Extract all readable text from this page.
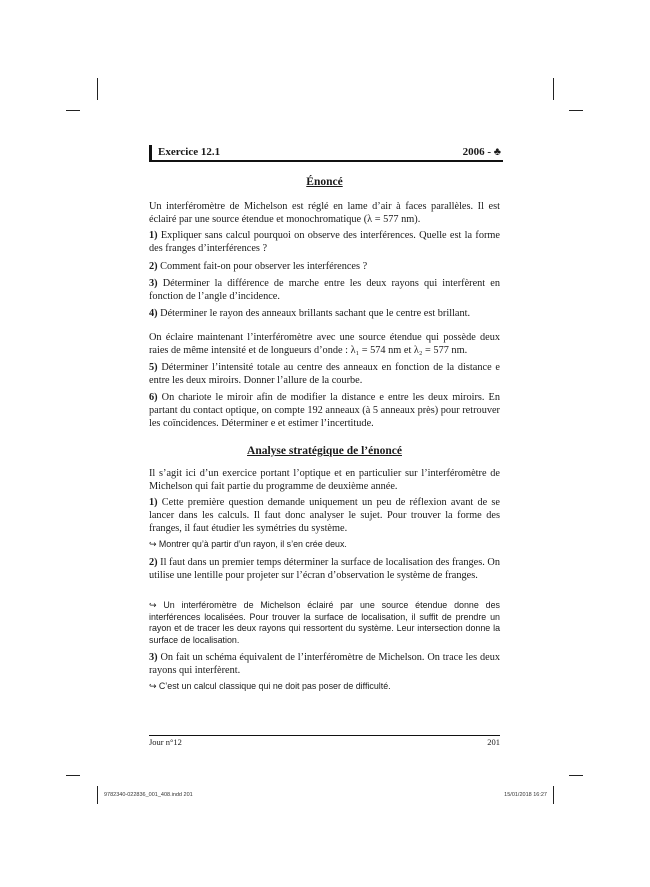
Exercice 12.1	2006 - ♣
Énoncé
Un interféromètre de Michelson est réglé en lame d’air à faces parallèles. Il est éclairé par une source étendue et monochromatique (λ = 577 nm).
1) Expliquer sans calcul pourquoi on observe des interférences. Quelle est la forme des franges d’interférences ?
2) Comment fait-on pour observer les interférences ?
3) Déterminer la différence de marche entre les deux rayons qui interfèrent en fonction de l’angle d’incidence.
4) Déterminer le rayon des anneaux brillants sachant que le centre est brillant.
On éclaire maintenant l’interféromètre avec une source étendue qui possède deux raies de même intensité et de longueurs d’onde : λ₁ = 574 nm et λ₂ = 577 nm.
5) Déterminer l’intensité totale au centre des anneaux en fonction de la distance e entre les deux miroirs. Donner l’allure de la courbe.
6) On chariote le miroir afin de modifier la distance e entre les deux miroirs. En partant du contact optique, on compte 192 anneaux (à 5 anneaux près) pour retrouver les coïncidences. Déterminer e et estimer l’incertitude.
Analyse stratégique de l’énoncé
Il s’agit ici d’un exercice portant l’optique et en particulier sur l’interféromètre de Michelson qui fait partie du programme de deuxième année.
1) Cette première question demande uniquement un peu de réflexion avant de se lancer dans les calculs. Il faut donc analyser le sujet. Pour trouver la forme des franges, il faut étudier les symétries du système.
↪ Montrer qu’à partir d’un rayon, il s’en crée deux.
2) Il faut dans un premier temps déterminer la surface de localisation des franges. On utilise une lentille pour projeter sur l’écran d’observation le système de franges.
↪ Un interféromètre de Michelson éclairé par une source étendue donne des interférences localisées. Pour trouver la surface de localisation, il suffit de prendre un rayon et de tracer les deux rayons qui ressortent du système. Leur intersection donne la surface de localisation.
3) On fait un schéma équivalent de l’interféromètre de Michelson. On trace les deux rayons qui interfèrent.
↪ C’est un calcul classique qui ne doit pas poser de difficulté.
Jour n°12	201
9782340-022836_001_408.indd 201	15/01/2018 16:27
